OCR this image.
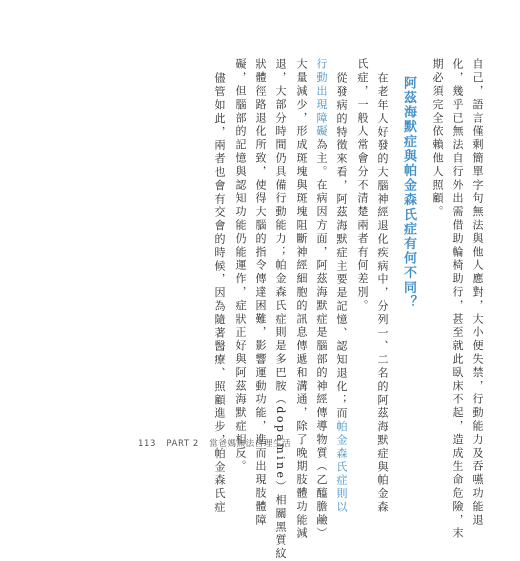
自己，語言僅剩簡單字句無法與他人應對，大小便失禁，行動能力及吞嚥功能退
化，幾乎已無法自行外出需借助輪椅助行，甚至就此臥床不起，造成生命危險，末
期必須完全依賴他人照顧。
阿茲海默症與帕金森氏症有何不同？
在老年人好發的大腦神經退化疾病中，分列一、二名的阿茲海默症與帕金森
氏症，一般人常會分不清楚兩者有何差別。
從發病的特徵來看，阿茲海默症主要是記憶、認知退化；而帕金森氏症則以
行動出現障礙為主。在病因方面，阿茲海默症是腦部的神經傳導物質（乙醯膽鹼）
大量減少，形成斑塊與斑塊阻斷神經細胞的訊息傳遞和溝通，除了晚期肢體功能減
退，大部分時間仍具備行動能力；帕金森氏症則是多巴胺（dopamine）相關黑質紋
狀體徑路退化所致，使得大腦的指令傳達困難，影響運動功能，進而出現肢體障
礙，但腦部的記憶與認知功能仍能運作，症狀正好與阿茲海默症相反。
儘管如此，兩者也會有交會的時候，因為隨著醫療、照顧進步，帕金森氏症
113 PART 2 當爸媽無法自理生活
